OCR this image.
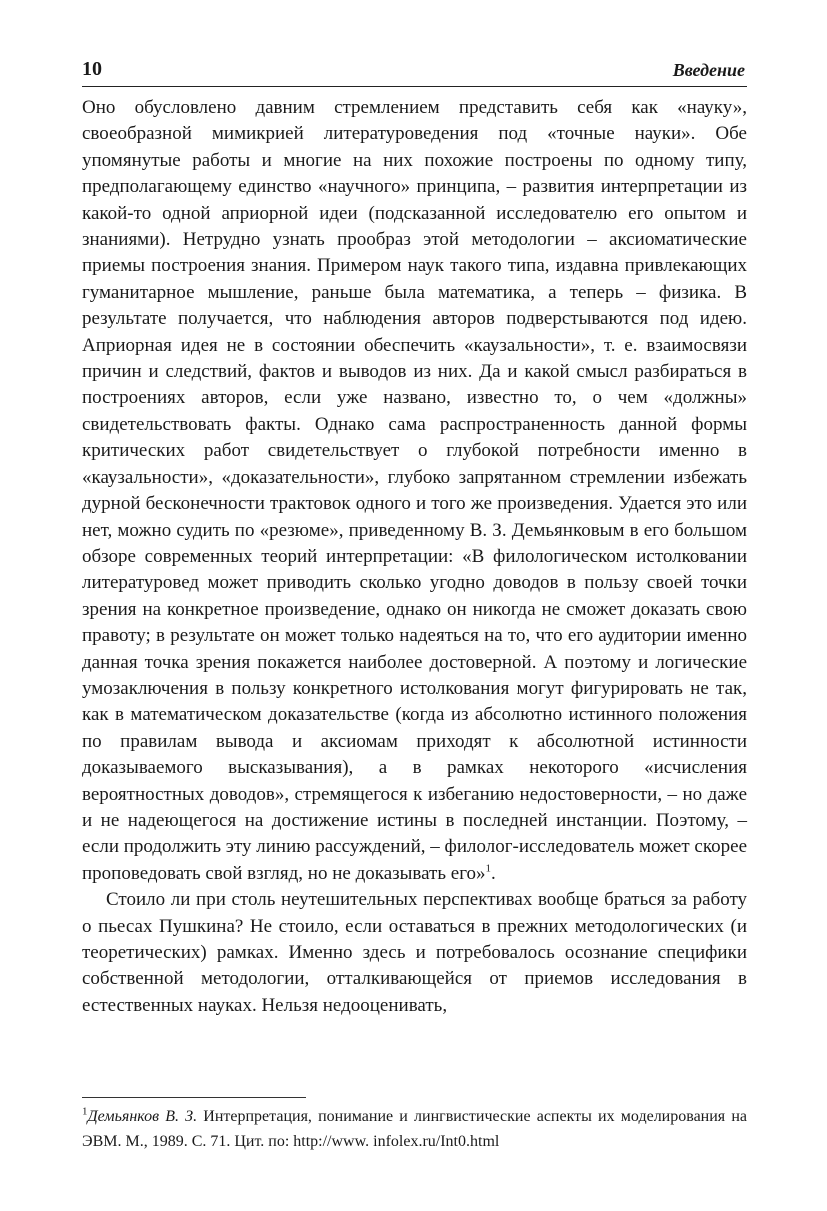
10	Введение

Оно обусловлено давним стремлением представить себя как «науку», своеобразной мимикрией литературоведения под «точные науки». Обе упомянутые работы и многие на них похожие построены по одному типу, предполагающему единство «научного» принципа, – развития интерпретации из какой-то одной априорной идеи (подсказанной исследователю его опытом и знаниями). Нетрудно узнать прообраз этой методологии – аксиоматические приемы построения знания. Примером наук такого типа, издавна привлекающих гуманитарное мышление, раньше была математика, а теперь – физика. В результате получается, что наблюдения авторов подверстываются под идею. Априорная идея не в состоянии обеспечить «каузальности», т. е. взаимосвязи причин и следствий, фактов и выводов из них. Да и какой смысл разбираться в построениях авторов, если уже названо, известно то, о чем «должны» свидетельствовать факты. Однако сама распространенность данной формы критических работ свидетельствует о глубокой потребности именно в «каузальности», «доказательности», глубоко запрятанном стремлении избежать дурной бесконечности трактовок одного и того же произведения. Удается это или нет, можно судить по «резюме», приведенному В. З. Демьянковым в его большом обзоре современных теорий интерпретации: «В филологическом истолковании литературовед может приводить сколько угодно доводов в пользу своей точки зрения на конкретное произведение, однако он никогда не сможет доказать свою правоту; в результате он может только надеяться на то, что его аудитории именно данная точка зрения покажется наиболее достоверной. А поэтому и логические умозаключения в пользу конкретного истолкования могут фигурировать не так, как в математическом доказательстве (когда из абсолютно истинного положения по правилам вывода и аксиомам приходят к абсолютной истинности доказываемого высказывания), а в рамках некоторого «исчисления вероятностных доводов», стремящегося к избеганию недостоверности, – но даже и не надеющегося на достижение истины в последней инстанции. Поэтому, – если продолжить эту линию рассуждений, – филолог-исследователь может скорее проповедовать свой взгляд, но не доказывать его»$^1$.

Стоило ли при столь неутешительных перспективах вообще браться за работу о пьесах Пушкина? Не стоило, если оставаться в прежних методологических (и теоретических) рамках. Именно здесь и потребовалось осознание специфики собственной методологии, отталкивающейся от приемов исследования в естественных науках. Нельзя недооценивать,

$^1$Демьянков В. З. Интерпретация, понимание и лингвистические аспекты их моделирования на ЭВМ. М., 1989. С. 71. Цит. по: http://www. infolex.ru/Int0.html
